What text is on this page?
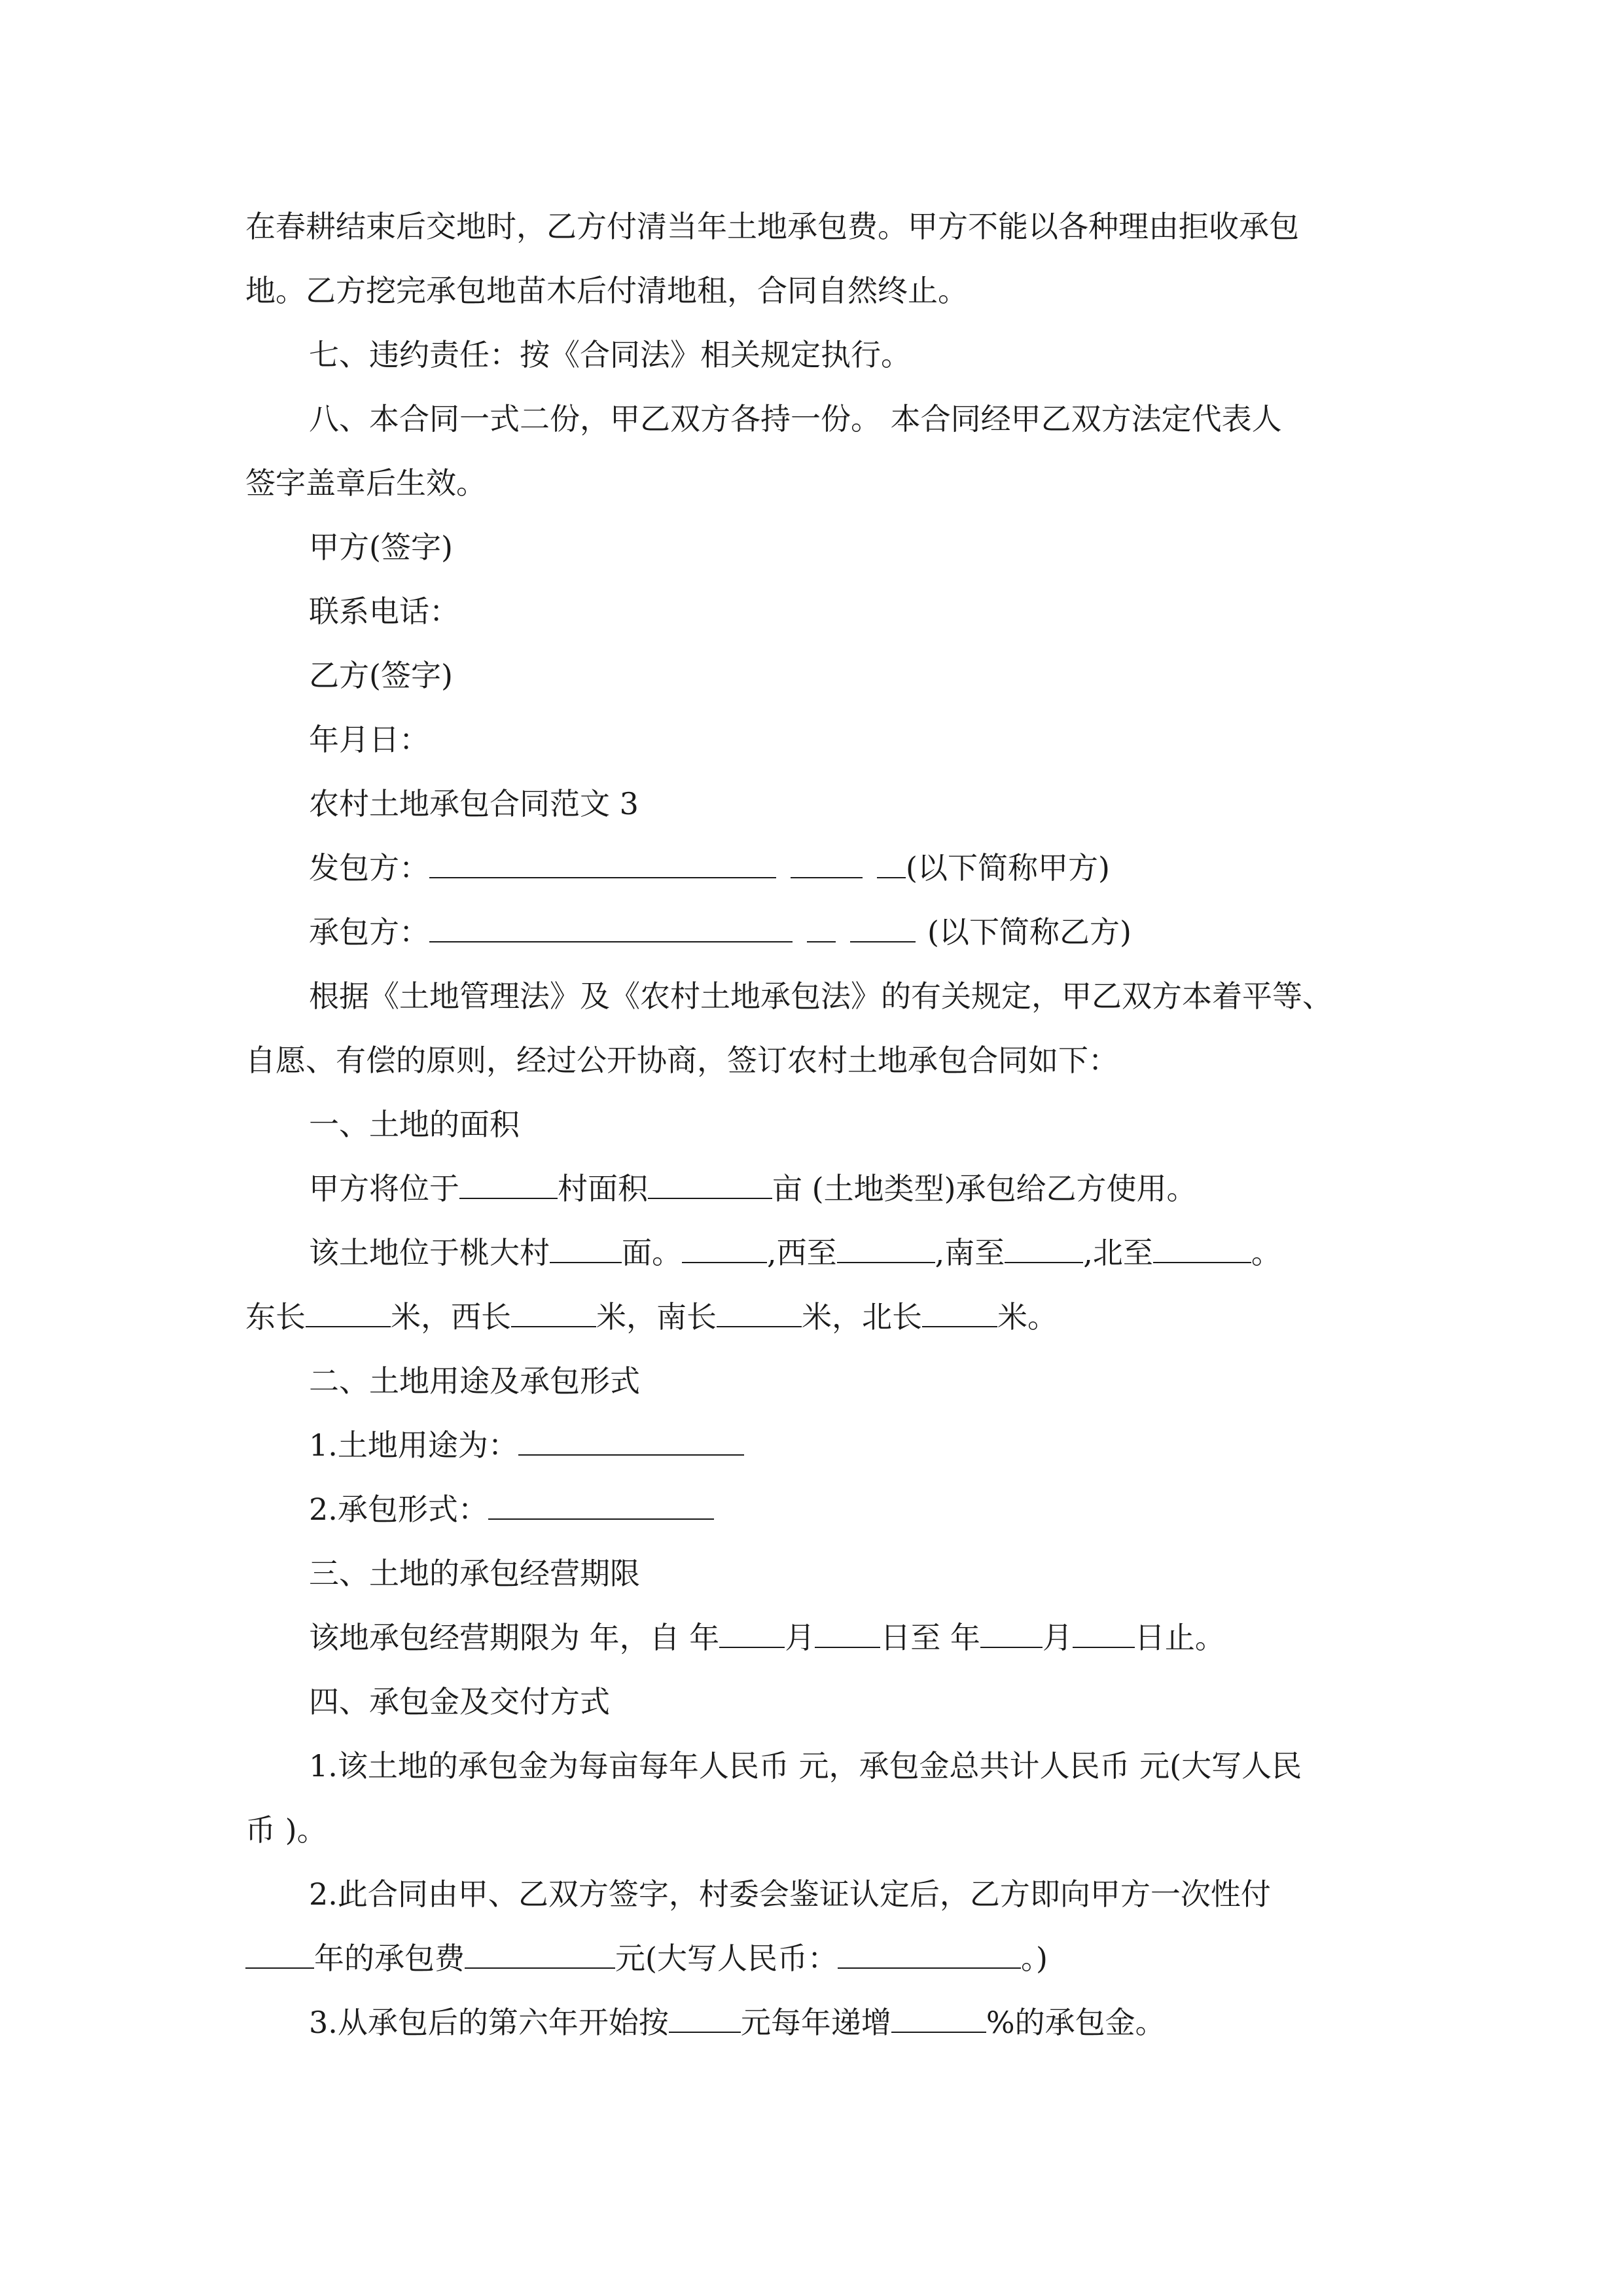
在春耕结束后交地时，乙方付清当年土地承包费。甲方不能以各种理由拒收承包
地。乙方挖完承包地苗木后付清地租，合同自然终止。
七、违约责任：按《合同法》相关规定执行。
八、本合同一式二份，甲乙双方各持一份。 本合同经甲乙双方法定代表人
签字盖章后生效。
甲方(签字)
联系电话：
乙方(签字)
年月日：
农村土地承包合同范文 3
发包方：	(以下简称甲方)
承包方：	(以下简称乙方)
根据《土地管理法》及《农村土地承包法》的有关规定，甲乙双方本着平等、
自愿、有偿的原则，经过公开协商，签订农村土地承包合同如下：
一、土地的面积
甲方将位于	村面积	亩 (土地类型)承包给乙方使用。
该土地位于桃大村 面。	,西至	,南至	,北至	。
东长	米，西长	米，南长	米，北长	米。
二、土地用途及承包形式
1.土地用途为：
2.承包形式：
三、土地的承包经营期限
该地承包经营期限为 年，自 年 月 日至 年 月 日止。
四、承包金及交付方式
1.该土地的承包金为每亩每年人民币 元，承包金总共计人民币 元(大写人民
币 )。
2.此合同由甲、乙双方签字，村委会鉴证认定后，乙方即向甲方一次性付
年的承包费	元(大写人民币：	。)
3.从承包后的第六年开始按 元每年递增	%的承包金。
